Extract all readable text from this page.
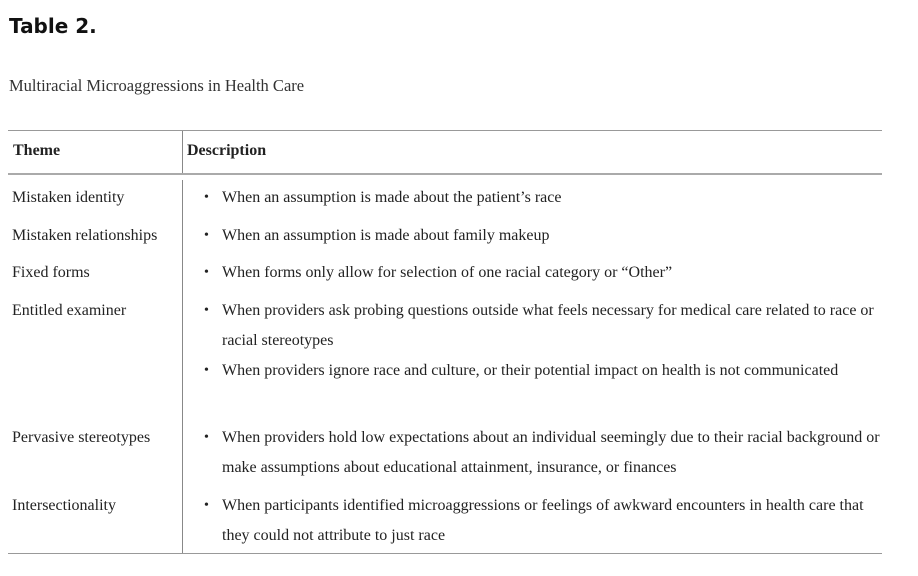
Table 2.

Multiracial Microaggressions in Health Care

Theme	Description
Mistaken identity	• When an assumption is made about the patient’s race
Mistaken relationships	• When an assumption is made about family makeup
Fixed forms	• When forms only allow for selection of one racial category or “Other”
Entitled examiner	• When providers ask probing questions outside what feels necessary for medical care related to race or racial stereotypes
• When providers ignore race and culture, or their potential impact on health is not communicated
Pervasive stereotypes	• When providers hold low expectations about an individual seemingly due to their racial background or make assumptions about educational attainment, insurance, or finances
Intersectionality	• When participants identified microaggressions or feelings of awkward encounters in health care that they could not attribute to just race
